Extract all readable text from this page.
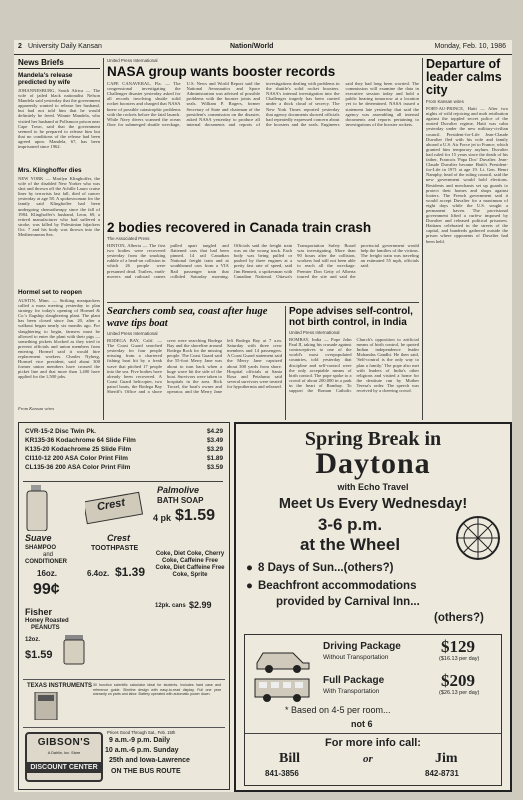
2 University Daily Kansan	Nation/World	Monday, Feb. 10, 1986
News Briefs
Mandela's release predicted by wife
JOHANNESBURG, South Africa — The wife of jailed black nationalist Nelson Mandela said yesterday that the government apparently wanted to release her husband, but had not told him that he would definitely be freed. Winnie Mandela, who visited her husband at Pollsmoor prison near Cape Town, said that the government seemed to be prepared to release him but that no conditions of the release had been agreed upon. Mandela, 67, has been imprisoned since 1962.
Mrs. Klinghoffer dies
NEW YORK — Marilyn Klinghoffer, the wife of the disabled New Yorker who was shot and thrown off the Achille Lauro cruise liner by terrorists last fall, died of cancer yesterday at age 58. A spokeswoman for the family said Klinghoffer had been undergoing chemotherapy since the fall of 1984. Klinghoffer's husband, Leon, 69, a retired manufacturer who had suffered a stroke, was killed by Palestinian hijackers Oct. 7 and his body was thrown into the Mediterranean Sea.
Hormel set to reopen
AUSTIN, Minn. — Striking meatpackers called a mass meeting yesterday to plan strategy for today's opening of Hormel & Co.'s flagship slaughtering plant. The plant has been closed since Jan. 20, after a walkout began nearly six months ago. For slaughtering to begin, farmers must be allowed to enter the plant with their pigs — something pickets blocked as they tried to prevent officials and union members from entering. Hormel said it would hire replacement workers. Charles Nyberg, Hormel vice president, said about 300 former union members have crossed the picket line and that more than 1,400 have applied for the 1,500 jobs.
From Kansan wires
United Press International
NASA group wants booster records
CAPE CANAVERAL, Fla. — The congressional investigating the Challenger disaster yesterday asked for all records involving shuttle solid rocket boosters and charged that NASA knew of possible catastrophic problems with the rockets before the fatal launch. While Navy divers scanned the ocean floor for submerged shuttle wreckage, U.S. News and World Report said the National Aeronautics and Space Administration was advised of possible problems with the booster joints and seals. William P. Rogers, former Secretary of State and chairman of the president's commission on the disaster, asked NASA yesterday to produce all internal documents and reports of investigations dealing with problems in the shuttle's solid rocket boosters. NASA's internal investigation into the Challenger tragedy has been carried under a thick cloud of secrecy. The New York Times reported yesterday that agency documents showed officials had repeatedly expressed concern about the boosters and the seals. Engineers said they had long been worried. The commission will examine the data in executive session today and hold a public hearing tomorrow at a location yet to be determined. NASA issued a statement late yesterday that said the agency was assembling all internal documents and reports pertaining to investigations of the booster rockets.
2 bodies recovered in Canada train crash
The Associated Press
HINTON, Alberta — The first two bodies were recovered yesterday from the smoking rubble of a head-on collision in which 26 people were presumed dead. Trailers, earth-movers and railroad cranes pulled apart tangled and flattened cars that had been pinned. 14 rail Canadian National freight train and at southbound cars from a VIA Rail passenger train that collided Saturday morning. Officials said the freight train was on the wrong track. Each body was being pulled or pushed by three engines at a pretty fast rate of speed, said Jim Bennett, a spokesman with Canadian National. Ottawa's Transportation Safety Board was investigating. More than 90 hours after the collision, workers had still not been able to reach all the wreckage. Premier Don Getty of Alberta toured the site and said the provincial government would help the families of the victims. The freight train was traveling an estimated 55 mph, officials said.
Searchers comb sea, coast after huge wave tips boat
United Press International
BODEGA BAY, Calif. — The Coast Guard searched yesterday for four people missing from a chartered fishing boat hit by a freak wave that pitched 17 people into the sea. Five bodies have already been recovered. A Coast Guard helicopter, two patrol boats, the Bodega Bay Sheriff's Office and a shore crew were searching Bodega Bay and the shoreline around Bodega Rock for the missing people. The Coast Guard said the 55-foot Merry Jane was about to turn back when a huge wave hit the side of the boat. Survivors were taken to hospitals in the area. Rick Troxel, the boat's owner and operator, and the Merry Jane left Bodega Bay at 7 a.m. Saturday with three crew members and 14 passengers. A Coast Guard statement said the Merry Jane capsized about 300 yards from shore. Hospital officials at Santa Rosa and Petaluma said several survivors were treated for hypothermia and released.
Pope advises self-control, not birth control, in India
United Press International
BOMBAY, India — Pope John Paul II, taking his crusade against contraceptives to one of the world's most overpopulated countries, told yesterday that discipline and self-control were the only acceptable means of birth control. The pope spoke to a crowd of about 200,000 in a park in the heart of Bombay. To support the Roman Catholic Church's opposition to artificial means of birth control, he quoted Indian independence leader Mohandas Gandhi. He then said, 'Self-control is the only way to plan a family.' The pope also met with leaders of India's other religions and visited a home for the destitute run by Mother Teresa's order. The speech was received by a cheering crowd.
Departure of leader calms city
From Kansan wires
PORT-AU-PRINCE, Haiti — After two nights of wild rejoicing and mob retribution against the toppled secret police of the ousted Duvalier regime, Haiti was calm yesterday under the new military-civilian council. President-for-Life Jean-Claude Duvalier fled with his wife and family aboard a U.S. Air Force jet to France, which granted him temporary asylum. Duvalier had ruled for 15 years since the death of his father, Francois 'Papa Doc' Duvalier. Jean-Claude Duvalier became Haiti's President-for-Life in 1971 at age 19. Lt. Gen. Henri Namphy, head of the ruling council, said the new government would hold elections. Residents and merchants set up guards to protect their homes and shops against looters. The French government said it would accept Duvalier for a maximum of eight days while the U.S. sought a permanent haven. The provisional government lifted a curfew imposed by Duvalier and released political prisoners. Haitians celebrated in the streets of the capital, and hundreds gathered outside the prison where opponents of Duvalier had been held.
CVR-15-2 Disc Twin Pk.	$4.29
KR135-36 Kodachrome 64 Slide Film	$3.49
K135-20 Kodachrome 25 Slide Film	$3.29
CI110-12 200 ASA Color Print Film	$1.89
CL135-36 200 ASA Color Print Film	$3.59
Suave
SHAMPOO
and
CONDITIONER
16oz.
99¢
Crest
Crest
TOOTHPASTE
6.4oz. $1.39
Palmolive
BATH SOAP
4 pk $1.59
Coke, Diet Coke, Cherry Coke, Caffeine Free Coke, Diet Caffeine Free Coke, Sprite
12pk. cans $2.99
Fisher
Honey Roasted
PEANUTS
12oz.
$1.59
TEXAS INSTRUMENTS 30 function scientific calculator ideal for students. Includes hard case and reference guide. Slimline design with easy-to-read display. Full one year warranty on parts and labor. Battery operated with automatic power down.
GIBSON'S
A Dahlin, Inc. Store
DISCOUNT CENTER
Prices Good Through Sat., Feb. 15th
9 a.m.-9 p.m. Daily
10 a.m.-6 p.m. Sunday
25th and Iowa-Lawrence
ON THE BUS ROUTE
Spring Break in
Daytona
with Echo Travel
Meet Us Every Wednesday!
3-6 p.m.
at the Wheel
● 8 Days of Sun...(others?)
● Beachfront accommodations
provided by Carnival Inn...
(others?)
Driving Package
Without Transportation
$129
($16.13 per day)
Full Package
With Transportation
$209
($26.13 per day)
* Based on 4-5 per room...
not 6
For more info call:
Bill
841-3856
or	Jim
842-8731
